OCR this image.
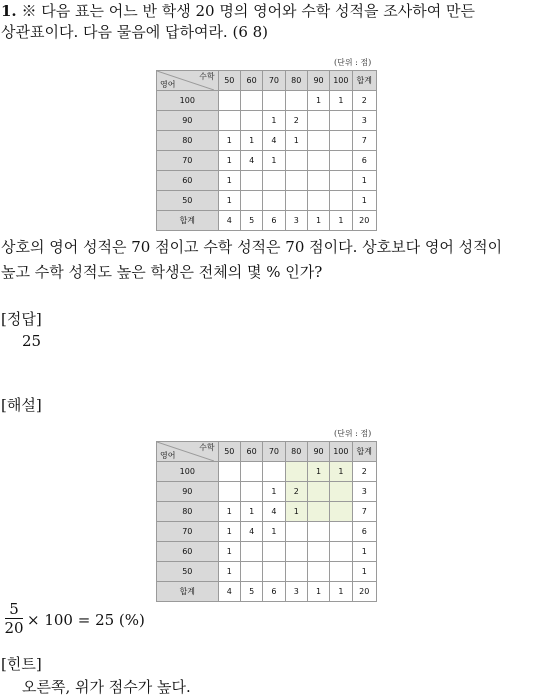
1. ※ 다음 표는 어느 반 학생 20 명의 영어와 수학 성적을 조사하여 만든
상관표이다. 다음 물음에 답하여라. (6 8)
(단위 : 점)
수학
영어	50	60	70	80	90	100	합계
100					1	1	2
90			1	2			3
80	1	1	4	1			7
70	1	4	1				6
60	1						1
50	1						1
합계	4	5	6	3	1	1	20
상호의 영어 성적은 70 점이고 수학 성적은 70 점이다. 상호보다 영어 성적이
높고 수학 성적도 높은 학생은 전체의 몇 % 인가?
[정답]
25
[해설]
(단위 : 점)
수학
영어	50	60	70	80	90	100	합계
100					1	1	2
90			1	2			3
80	1	1	4	1			7
70	1	4	1				6
60	1						1
50	1						1
합계	4	5	6	3	1	1	20
5
20 × 100 = 25 (%)
[힌트]
오른쪽, 위가 점수가 높다.
